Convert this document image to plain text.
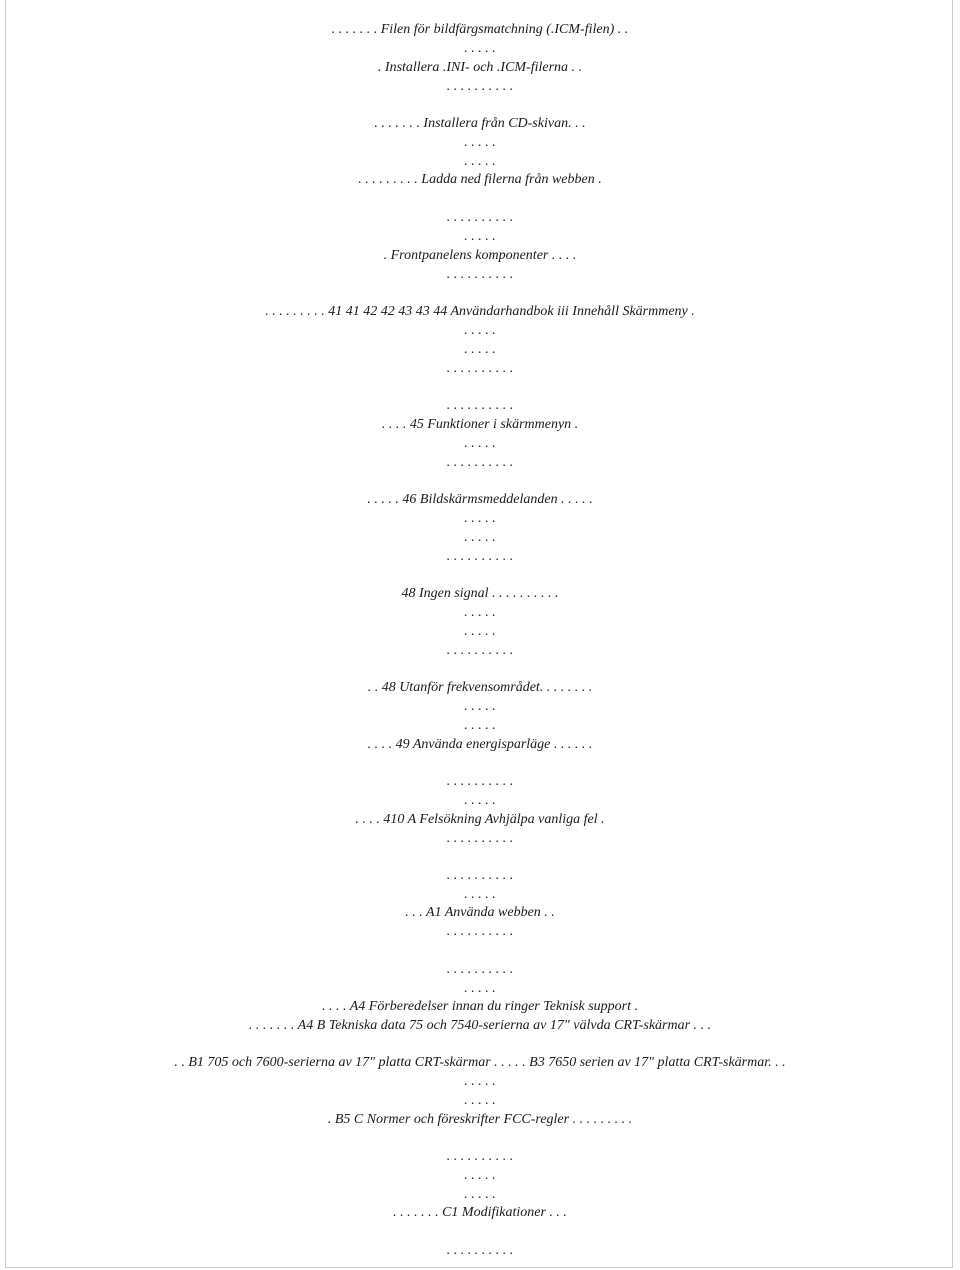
. . . . . . . Filen för bildfärgsmatchning (.ICM-filen) . .
. . . . .
. Installera .INI- och .ICM-filerna . .
. . . . . . . . . .
. . . . . . . Installera från CD-skivan. . .
. . . . .
. . . . .
. . . . . . . . . Ladda ned filerna från webben .
. . . . . . . . . .
. . . . .
. Frontpanelens komponenter . . . .
. . . . . . . . . .
. . . . . . . . . 41 41 42 42 43 43 44 Användarhandbok iii Innehåll Skärmmeny .
. . . . .
. . . . .
. . . . . . . . . .
. . . . . . . . . .
. . . . 45 Funktioner i skärmmenyn .
. . . . .
. . . . . . . . . .
. . . . . 46 Bildskärmsmeddelanden . . . . .
. . . . .
. . . . .
. . . . . . . . . .
48 Ingen signal . . . . . . . . . .
. . . . .
. . . . .
. . . . . . . . . .
. . 48 Utanför frekvensområdet. . . . . . . .
. . . . .
. . . . .
. . . . 49 Använda energisparläge . . . . . .
. . . . . . . . . .
. . . . .
. . . . 410 A Felsökning Avhjälpa vanliga fel .
. . . . . . . . . .
. . . . . . . . . .
. . . . .
. . . A1 Använda webben . .
. . . . . . . . . .
. . . . . . . . . .
. . . . .
. . . . A4 Förberedelser innan du ringer Teknisk support .
. . . . . . . A4 B Tekniska data 75 och 7540-serierna av 17" välvda CRT-skärmar . . .
. . B1 705 och 7600-serierna av 17" platta CRT-skärmar . . . . . B3 7650 serien av 17" platta CRT-skärmar. . .
. . . . .
. . . . .
. B5 C Normer och föreskrifter FCC-regler . . . . . . . . .
. . . . . . . . . .
. . . . .
. . . . .
. . . . . . . C1 Modifikationer . . .
. . . . . . . . . .
